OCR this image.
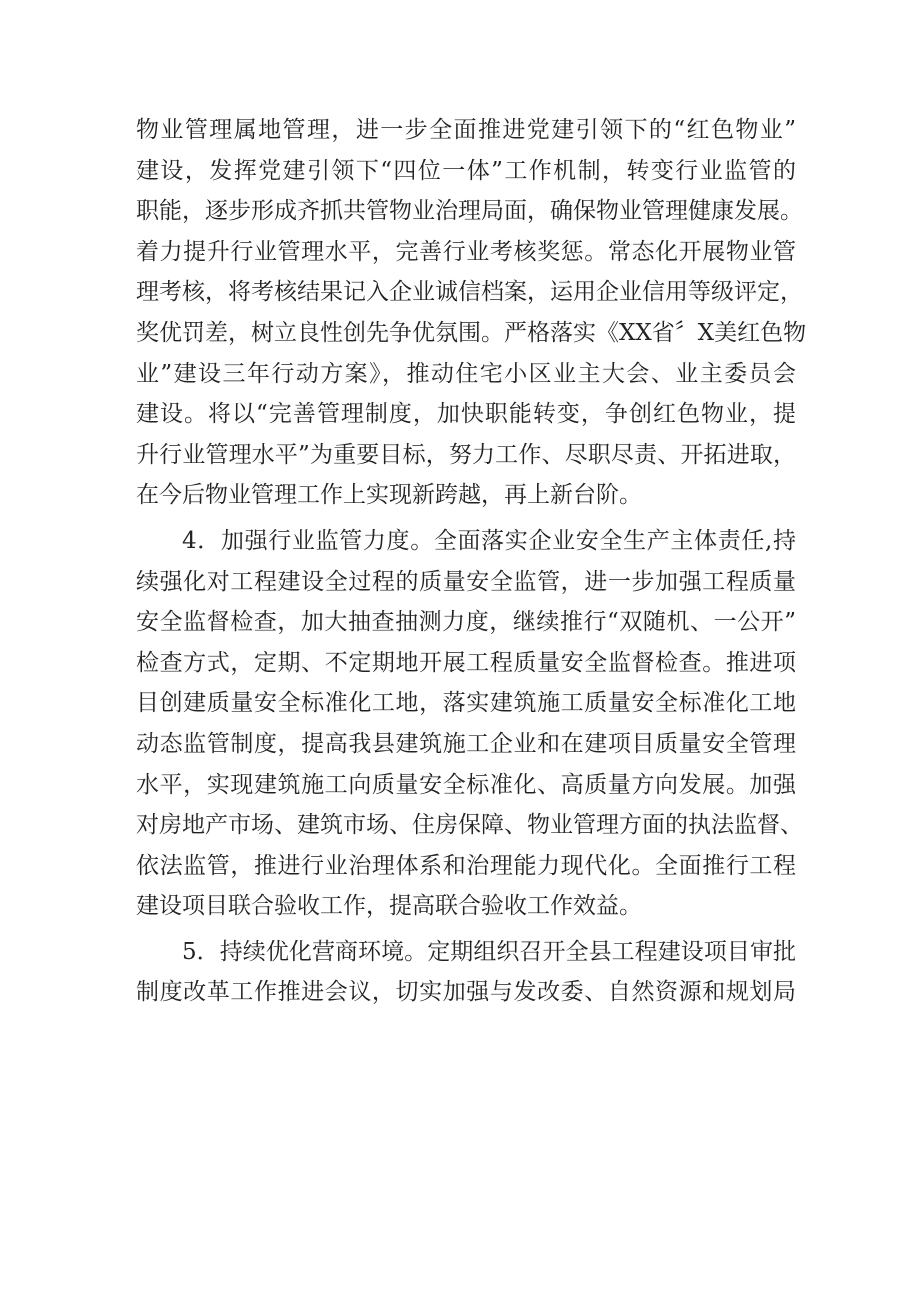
物业管理属地管理，进一步全面推进党建引领下的“红色物业”
建设，发挥党建引领下“四位一体”工作机制，转变行业监管的
职能，逐步形成齐抓共管物业治理局面，确保物业管理健康发展。
着力提升行业管理水平，完善行业考核奖惩。常态化开展物业管
理考核，将考核结果记入企业诚信档案，运用企业信用等级评定，
奖优罚差，树立良性创先争优氛围。严格落实《XX省〞X美红色物
业”建设三年行动方案》，推动住宅小区业主大会、业主委员会
建设。将以“完善管理制度，加快职能转变，争创红色物业，提
升行业管理水平”为重要目标，努力工作、尽职尽责、开拓进取，
在今后物业管理工作上实现新跨越，再上新台阶。
4．加强行业监管力度。全面落实企业安全生产主体责任,持
续强化对工程建设全过程的质量安全监管，进一步加强工程质量
安全监督检查，加大抽查抽测力度，继续推行“双随机、一公开”
检查方式，定期、不定期地开展工程质量安全监督检查。推进项
目创建质量安全标准化工地，落实建筑施工质量安全标准化工地
动态监管制度，提高我县建筑施工企业和在建项目质量安全管理
水平，实现建筑施工向质量安全标准化、高质量方向发展。加强
对房地产市场、建筑市场、住房保障、物业管理方面的执法监督、
依法监管，推进行业治理体系和治理能力现代化。全面推行工程
建设项目联合验收工作，提高联合验收工作效益。
5．持续优化营商环境。定期组织召开全县工程建设项目审批
制度改革工作推进会议，切实加强与发改委、自然资源和规划局
